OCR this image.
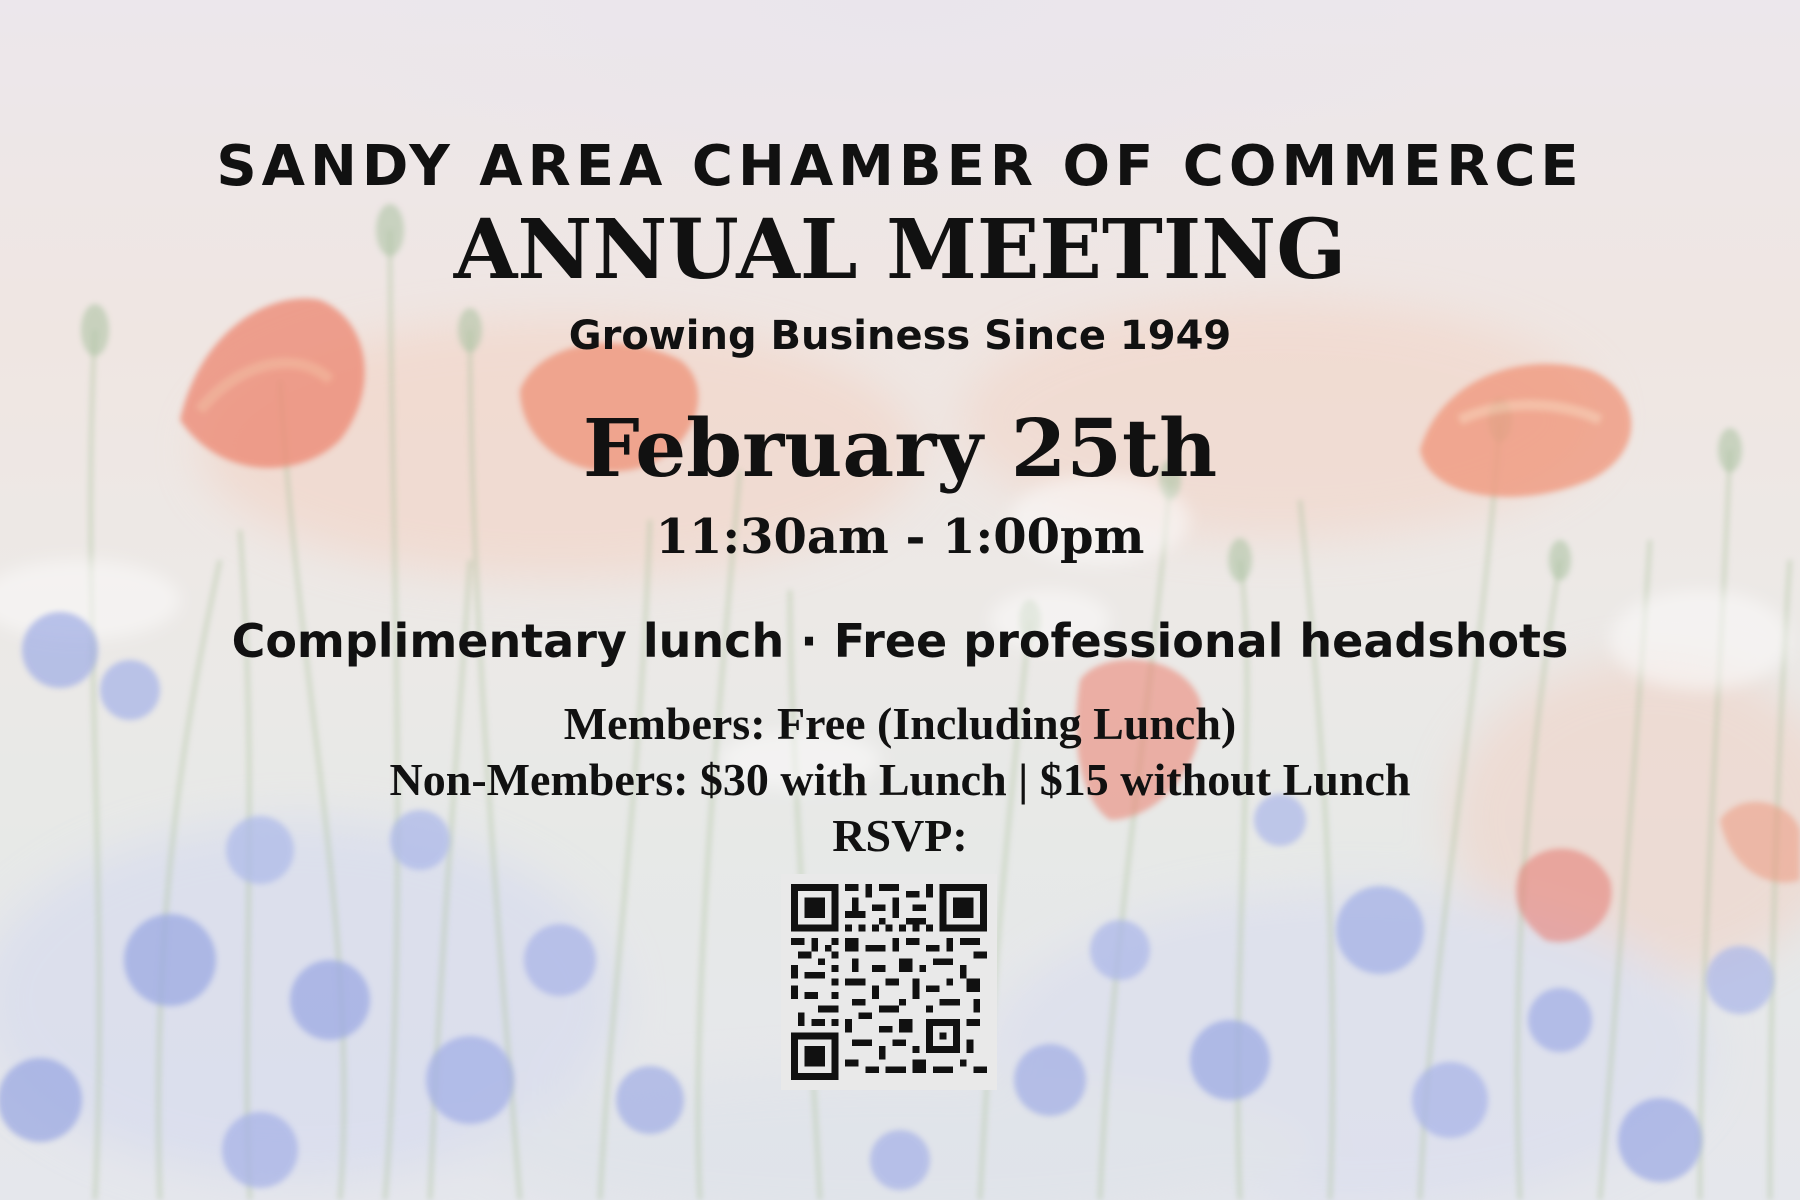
SANDY AREA CHAMBER OF COMMERCE
ANNUAL MEETING
Growing Business Since 1949
February 25th
11:30am - 1:00pm
Complimentary lunch · Free professional headshots
Members: Free (Including Lunch)
Non-Members: $30 with Lunch | $15 without Lunch
RSVP:
